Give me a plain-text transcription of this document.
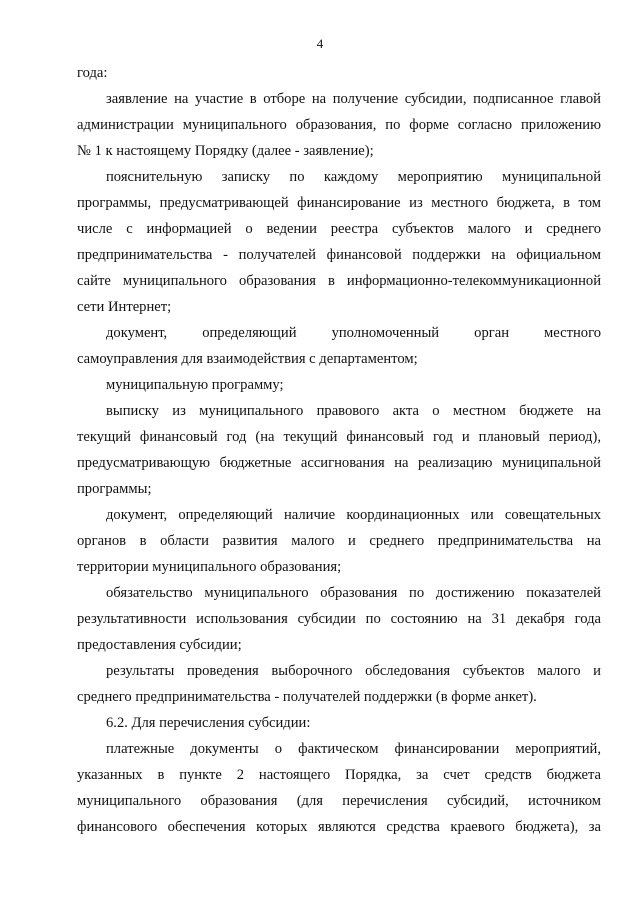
4
года:
заявление на участие в отборе на получение субсидии, подписанное главой
администрации муниципального образования, по форме согласно приложению
№ 1 к настоящему Порядку (далее - заявление);
пояснительную записку по каждому мероприятию муниципальной
программы, предусматривающей финансирование из местного бюджета, в том
числе с информацией о ведении реестра субъектов малого и среднего
предпринимательства - получателей финансовой поддержки на официальном
сайте муниципального образования в информационно-телекоммуникационной
сети Интернет;
документ, определяющий уполномоченный орган местного
самоуправления для взаимодействия с департаментом;
муниципальную программу;
выписку из муниципального правового акта о местном бюджете на
текущий финансовый год (на текущий финансовый год и плановый период),
предусматривающую бюджетные ассигнования на реализацию муниципальной
программы;
документ, определяющий наличие координационных или совещательных
органов в области развития малого и среднего предпринимательства на
территории муниципального образования;
обязательство муниципального образования по достижению показателей
результативности использования субсидии по состоянию на 31 декабря года
предоставления субсидии;
результаты проведения выборочного обследования субъектов малого и
среднего предпринимательства - получателей поддержки (в форме анкет).
6.2. Для перечисления субсидии:
платежные документы о фактическом финансировании мероприятий,
указанных в пункте 2 настоящего Порядка, за счет средств бюджета
муниципального образования (для перечисления субсидий, источником
финансового обеспечения которых являются средства краевого бюджета), за
